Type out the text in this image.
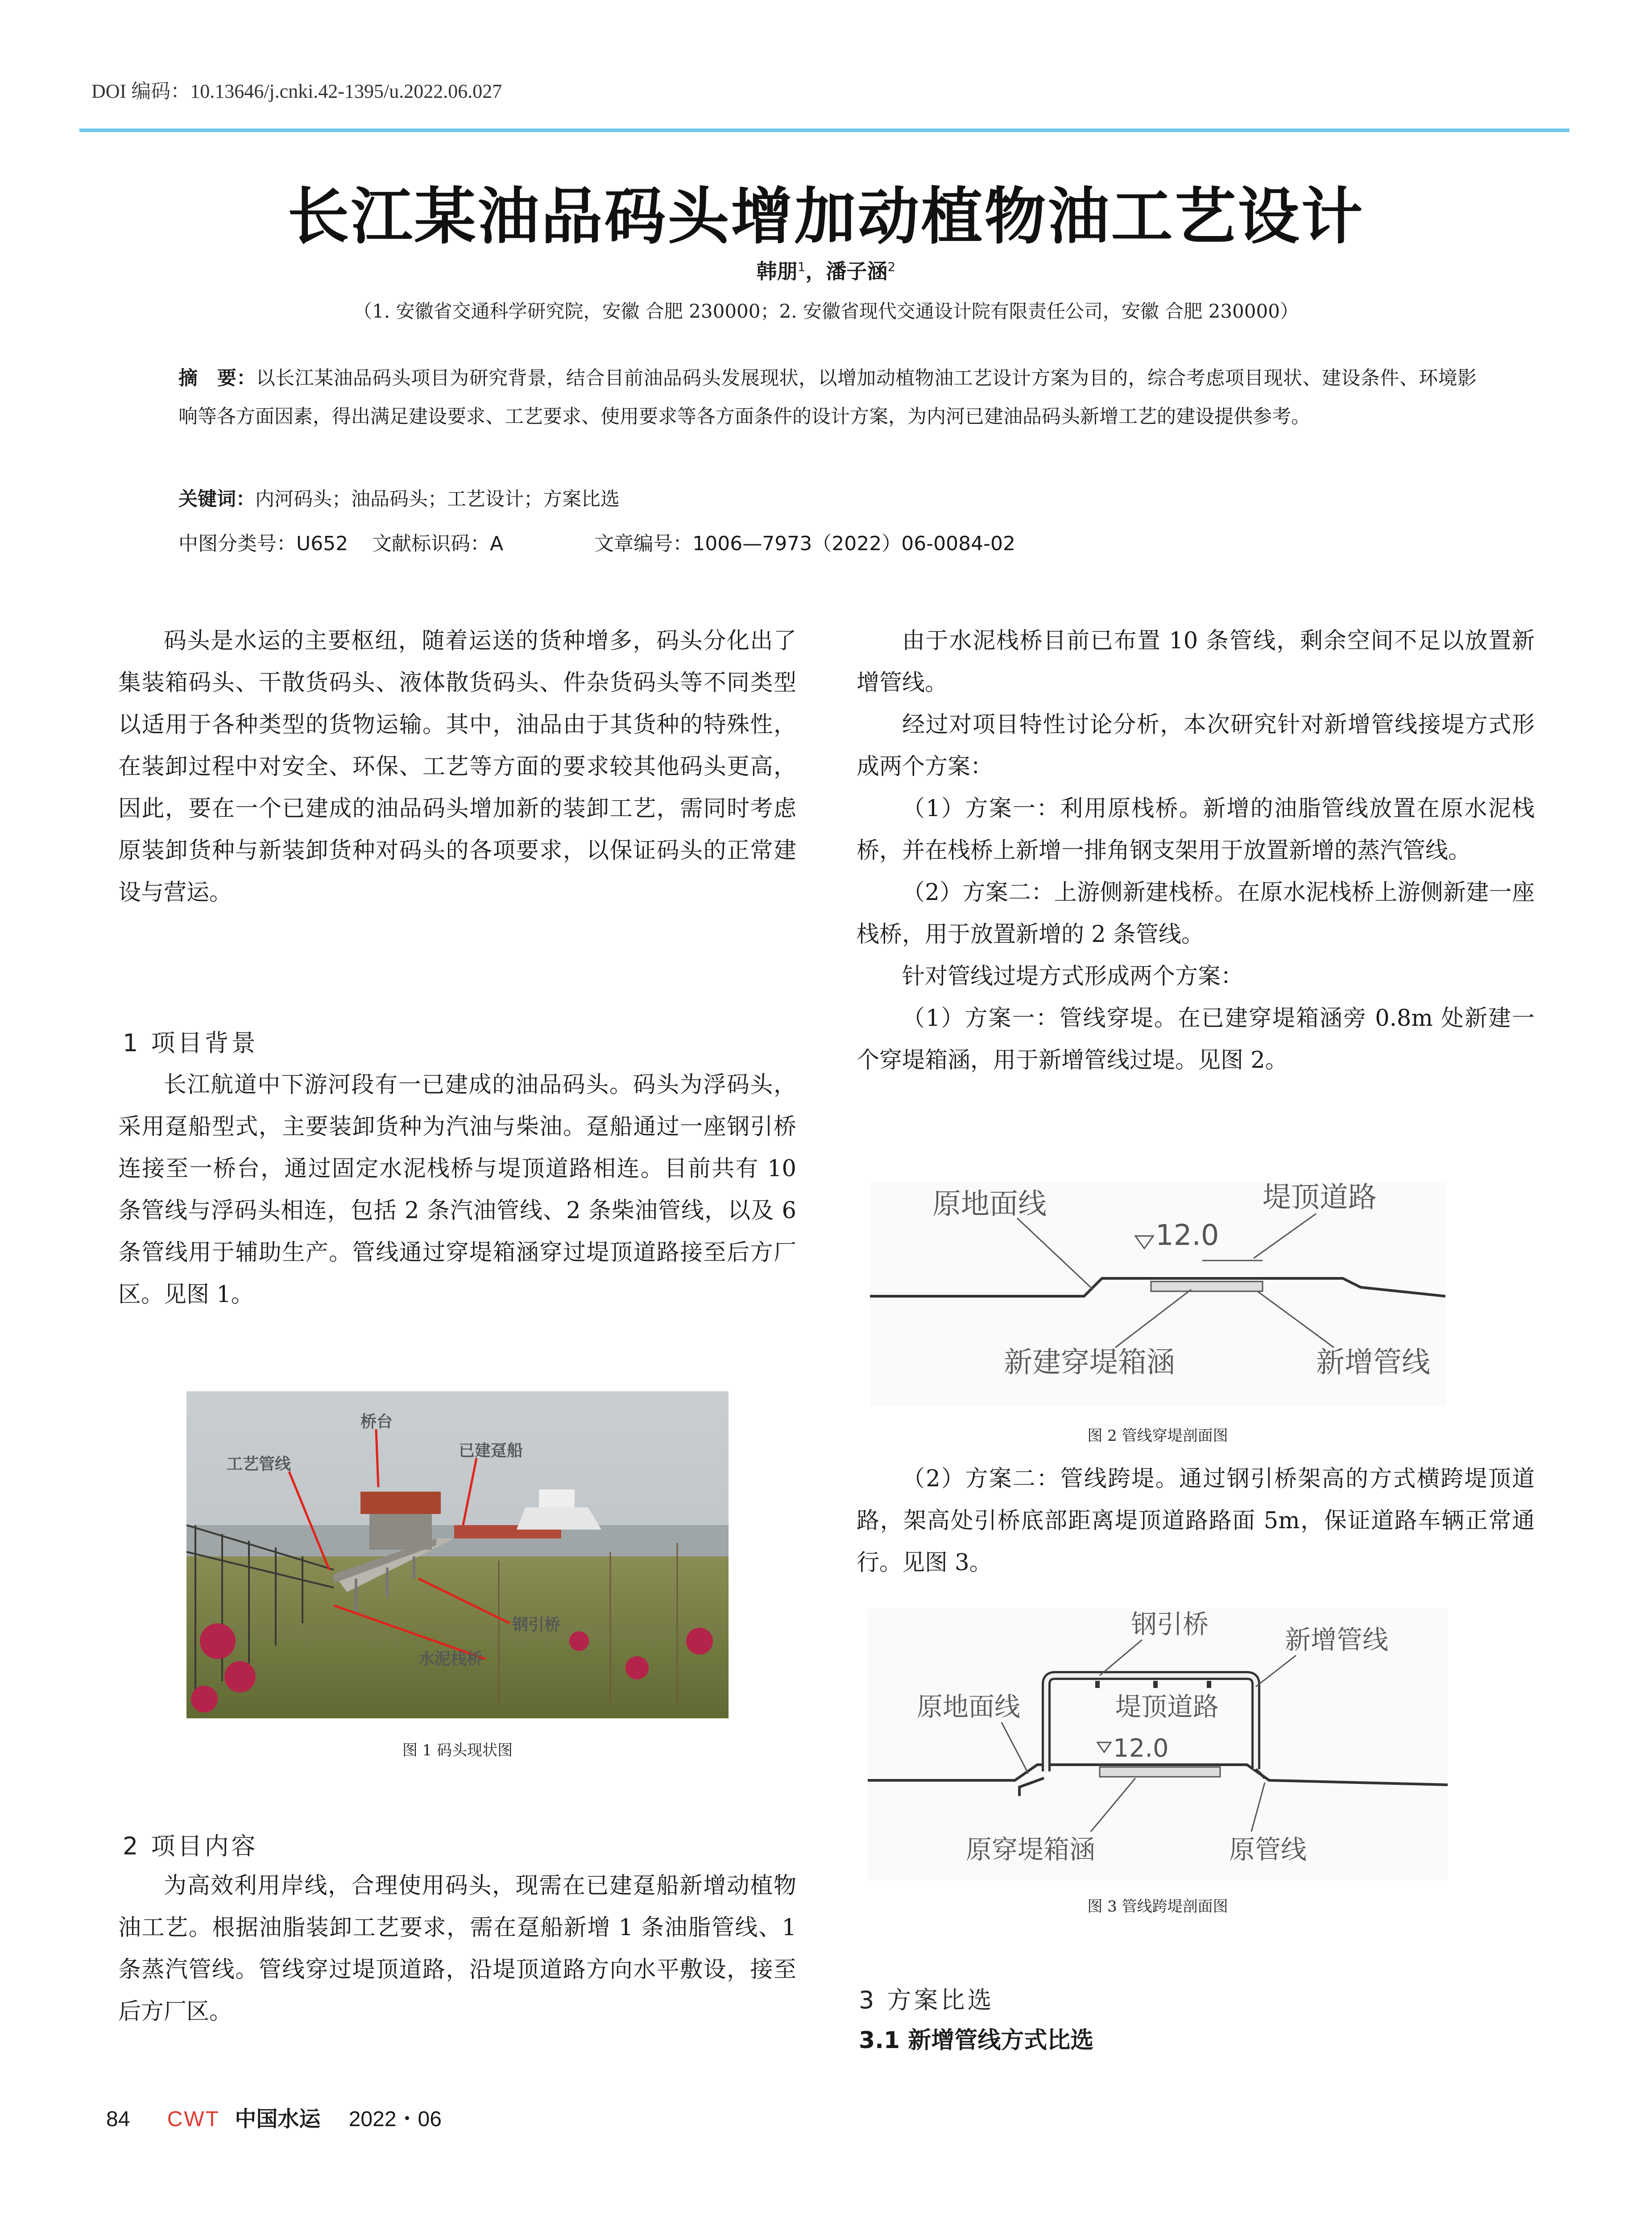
DOI 编码：10.13646/j.cnki.42-1395/u.2022.06.027
长江某油品码头增加动植物油工艺设计
韩朋$^1$，潘子涵$^2$
（1. 安徽省交通科学研究院，安徽 合肥 230000；2. 安徽省现代交通设计院有限责任公司，安徽 合肥 230000）
摘　要：以长江某油品码头项目为研究背景，结合目前油品码头发展现状，以增加动植物油工艺设计方案为目的，综合考虑项目现状、建设条件、环境影响等各方面因素，得出满足建设要求、工艺要求、使用要求等各方面条件的设计方案，为内河已建油品码头新增工艺的建设提供参考。
关键词：内河码头；油品码头；工艺设计；方案比选
中图分类号：U652 文献标识码：A	文章编号：1006—7973（2022）06-0084-02

码头是水运的主要枢纽，随着运送的货种增多，码头分化出了集装箱码头、干散货码头、液体散货码头、件杂货码头等不同类型以适用于各种类型的货物运输。其中，油品由于其货种的特殊性，在装卸过程中对安全、环保、工艺等方面的要求较其他码头更高，因此，要在一个已建成的油品码头增加新的装卸工艺，需同时考虑原装卸货种与新装卸货种对码头的各项要求，以保证码头的正常建设与营运。

1 项目背景

长江航道中下游河段有一已建成的油品码头。码头为浮码头，采用趸船型式，主要装卸货种为汽油与柴油。趸船通过一座钢引桥连接至一桥台，通过固定水泥栈桥与堤顶道路相连。目前共有 10 条管线与浮码头相连，包括 2 条汽油管线、2 条柴油管线，以及 6 条管线用于辅助生产。管线通过穿堤箱涵穿过堤顶道路接至后方厂区。见图 1。

桥台
工艺管线
已建趸船
钢引桥
水泥栈桥
图 1 码头现状图
2 项目内容

为高效利用岸线，合理使用码头，现需在已建趸船新增动植物油工艺。根据油脂装卸工艺要求，需在趸船新增 1 条油脂管线、1 条蒸汽管线。管线穿过堤顶道路，沿堤顶道路方向水平敷设，接至后方厂区。

由于水泥栈桥目前已布置 10 条管线，剩余空间不足以放置新增管线。

经过对项目特性讨论分析，本次研究针对新增管线接堤方式形成两个方案：

（1）方案一：利用原栈桥。新增的油脂管线放置在原水泥栈桥，并在栈桥上新增一排角钢支架用于放置新增的蒸汽管线。

（2）方案二：上游侧新建栈桥。在原水泥栈桥上游侧新建一座栈桥，用于放置新增的 2 条管线。

针对管线过堤方式形成两个方案：

（1）方案一：管线穿堤。在已建穿堤箱涵旁 0.8m 处新建一个穿堤箱涵，用于新增管线过堤。见图 2。

12.0
原地面线	堤顶道路
新建穿堤箱涵	新增管线
图 2 管线穿堤剖面图

（2）方案二：管线跨堤。通过钢引桥架高的方式横跨堤顶道路，架高处引桥底部距离堤顶道路路面 5m，保证道路车辆正常通行。见图 3。

12.0
钢引桥
新增管线
原地面线	堤顶道路
原穿堤箱涵	原管线
图 3 管线跨堤剖面图
3 方案比选
3.1 新增管线方式比选
84 CWT 中国水运 2022・06
